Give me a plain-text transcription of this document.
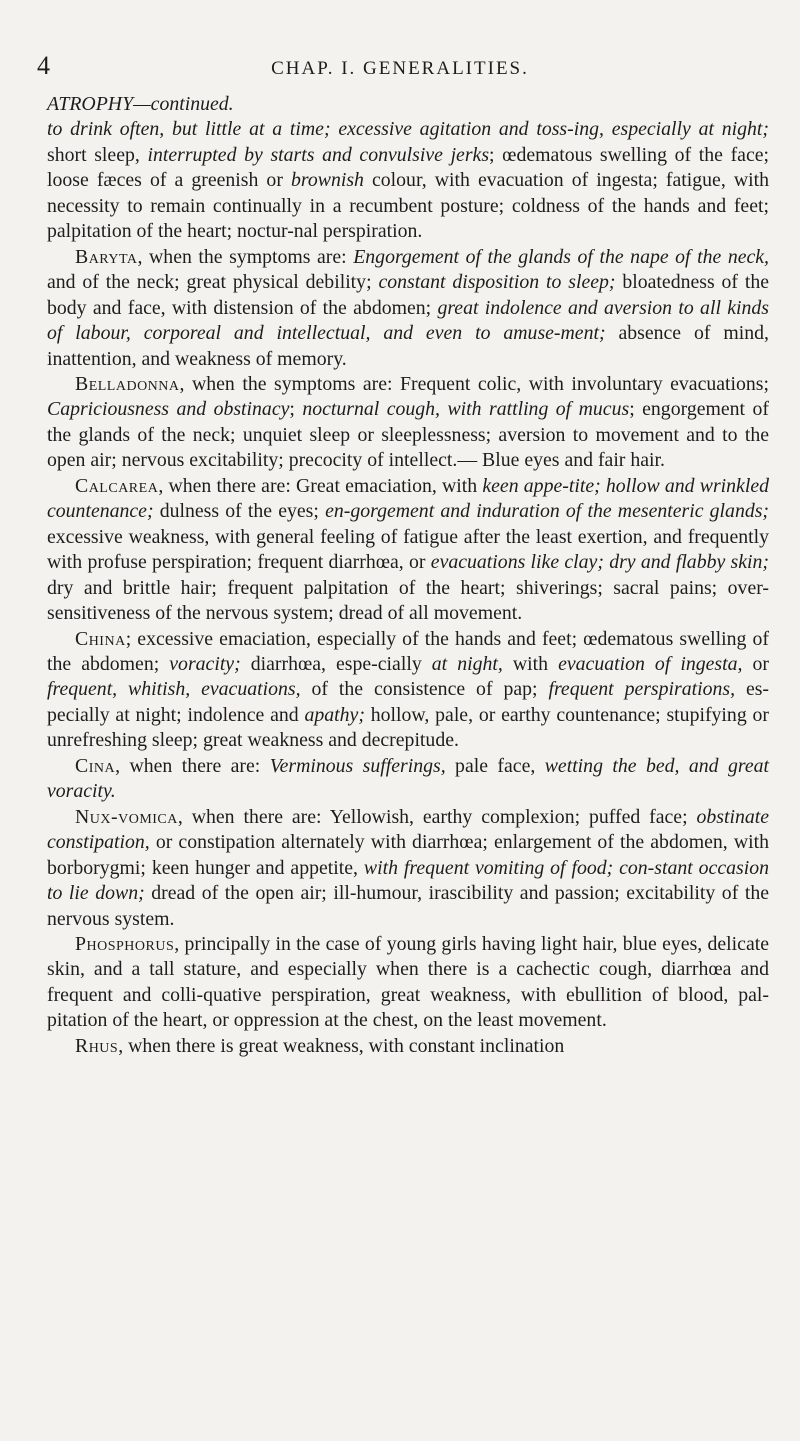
4	CHAP. I. GENERALITIES.

ATROPHY—continued.
to drink often, but little at a time; excessive agitation and toss-ing, especially at night; short sleep, interrupted by starts and convulsive jerks; œdematous swelling of the face; loose fæces of a greenish or brownish colour, with evacuation of ingesta; fatigue, with necessity to remain continually in a recumbent posture; coldness of the hands and feet; palpitation of the heart; noctur-nal perspiration.

Baryta, when the symptoms are: Engorgement of the glands of the nape of the neck, and of the neck; great physical debility; constant disposition to sleep; bloatedness of the body and face, with distension of the abdomen; great indolence and aversion to all kinds of labour, corporeal and intellectual, and even to amuse-ment; absence of mind, inattention, and weakness of memory.

Belladonna, when the symptoms are: Frequent colic, with involuntary evacuations; Capriciousness and obstinacy; nocturnal cough, with rattling of mucus; engorgement of the glands of the neck; unquiet sleep or sleeplessness; aversion to movement and to the open air; nervous excitability; precocity of intellect.— Blue eyes and fair hair.

Calcarea, when there are: Great emaciation, with keen appe-tite; hollow and wrinkled countenance; dulness of the eyes; en-gorgement and induration of the mesenteric glands; excessive weakness, with general feeling of fatigue after the least exertion, and frequently with profuse perspiration; frequent diarrhœa, or evacuations like clay; dry and flabby skin; dry and brittle hair; frequent palpitation of the heart; shiverings; sacral pains; over-sensitiveness of the nervous system; dread of all movement.

China; excessive emaciation, especially of the hands and feet; œdematous swelling of the abdomen; voracity; diarrhœa, espe-cially at night, with evacuation of ingesta, or frequent, whitish, evacuations, of the consistence of pap; frequent perspirations, es-pecially at night; indolence and apathy; hollow, pale, or earthy countenance; stupifying or unrefreshing sleep; great weakness and decrepitude.

Cina, when there are: Verminous sufferings, pale face, wetting the bed, and great voracity.

Nux-vomica, when there are: Yellowish, earthy complexion; puffed face; obstinate constipation, or constipation alternately with diarrhœa; enlargement of the abdomen, with borborygmi; keen hunger and appetite, with frequent vomiting of food; con-stant occasion to lie down; dread of the open air; ill-humour, irascibility and passion; excitability of the nervous system.

Phosphorus, principally in the case of young girls having light hair, blue eyes, delicate skin, and a tall stature, and especially when there is a cachectic cough, diarrhœa and frequent and colli-quative perspiration, great weakness, with ebullition of blood, pal-pitation of the heart, or oppression at the chest, on the least movement.

Rhus, when there is great weakness, with constant inclination
